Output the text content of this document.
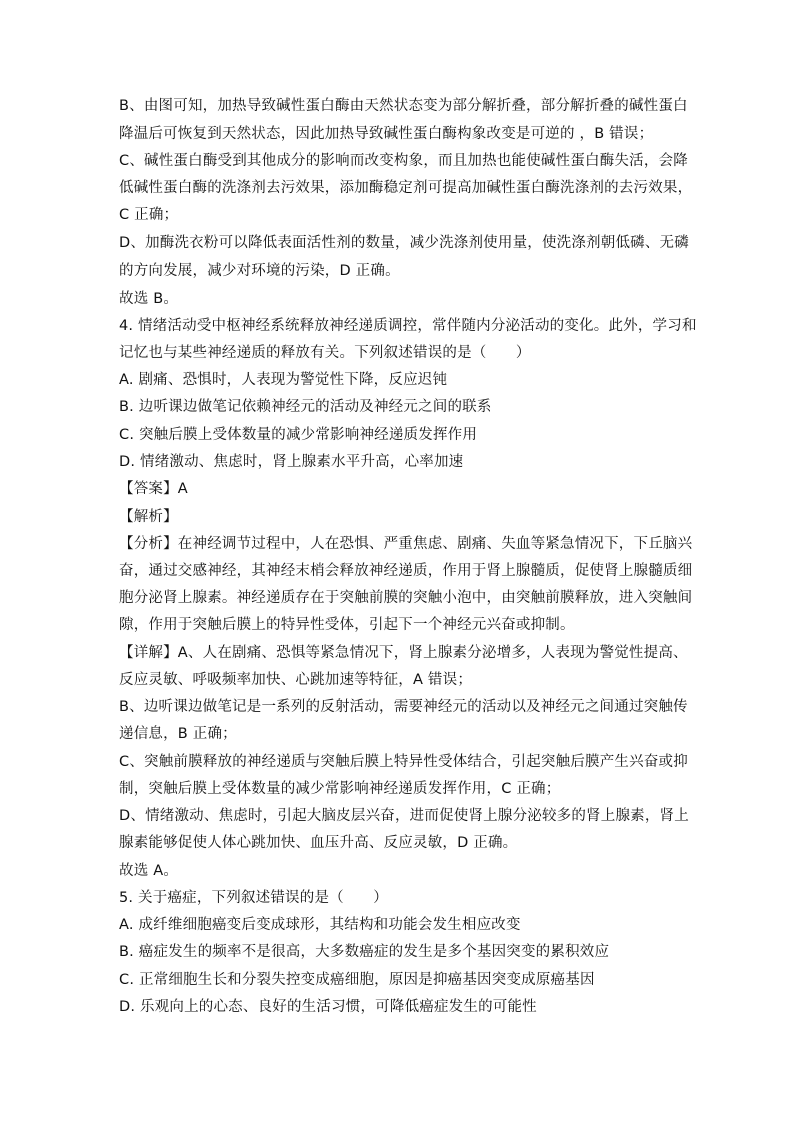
B、由图可知，加热导致碱性蛋白酶由天然状态变为部分解折叠，部分解折叠的碱性蛋白
降温后可恢复到天然状态，因此加热导致碱性蛋白酶构象改变是可逆的 ，B 错误；
C、碱性蛋白酶受到其他成分的影响而改变构象，而且加热也能使碱性蛋白酶失活，会降
低碱性蛋白酶的洗涤剂去污效果，添加酶稳定剂可提高加碱性蛋白酶洗涤剂的去污效果，
C 正确；
D、加酶洗衣粉可以降低表面活性剂的数量，减少洗涤剂使用量，使洗涤剂朝低磷、无磷
的方向发展，减少对环境的污染，D 正确。
故选 B。
4. 情绪活动受中枢神经系统释放神经递质调控，常伴随内分泌活动的变化。此外，学习和
记忆也与某些神经递质的释放有关。下列叙述错误的是（　　）
A. 剧痛、恐惧时，人表现为警觉性下降，反应迟钝
B. 边听课边做笔记依赖神经元的活动及神经元之间的联系
C. 突触后膜上受体数量的减少常影响神经递质发挥作用
D. 情绪激动、焦虑时，肾上腺素水平升高，心率加速
【答案】A
【解析】
【分析】在神经调节过程中，人在恐惧、严重焦虑、剧痛、失血等紧急情况下，下丘脑兴
奋，通过交感神经，其神经末梢会释放神经递质，作用于肾上腺髓质，促使肾上腺髓质细
胞分泌肾上腺素。神经递质存在于突触前膜的突触小泡中，由突触前膜释放，进入突触间
隙，作用于突触后膜上的特异性受体，引起下一个神经元兴奋或抑制。
【详解】A、人在剧痛、恐惧等紧急情况下，肾上腺素分泌增多，人表现为警觉性提高、
反应灵敏、呼吸频率加快、心跳加速等特征，A 错误；
B、边听课边做笔记是一系列的反射活动，需要神经元的活动以及神经元之间通过突触传
递信息，B 正确；
C、突触前膜释放的神经递质与突触后膜上特异性受体结合，引起突触后膜产生兴奋或抑
制，突触后膜上受体数量的减少常影响神经递质发挥作用，C 正确；
D、情绪激动、焦虑时，引起大脑皮层兴奋，进而促使肾上腺分泌较多的肾上腺素，肾上
腺素能够促使人体心跳加快、血压升高、反应灵敏，D 正确。
故选 A。
5. 关于癌症，下列叙述错误的是（　　）
A. 成纤维细胞癌变后变成球形，其结构和功能会发生相应改变
B. 癌症发生的频率不是很高，大多数癌症的发生是多个基因突变的累积效应
C. 正常细胞生长和分裂失控变成癌细胞，原因是抑癌基因突变成原癌基因
D. 乐观向上的心态、良好的生活习惯，可降低癌症发生的可能性
